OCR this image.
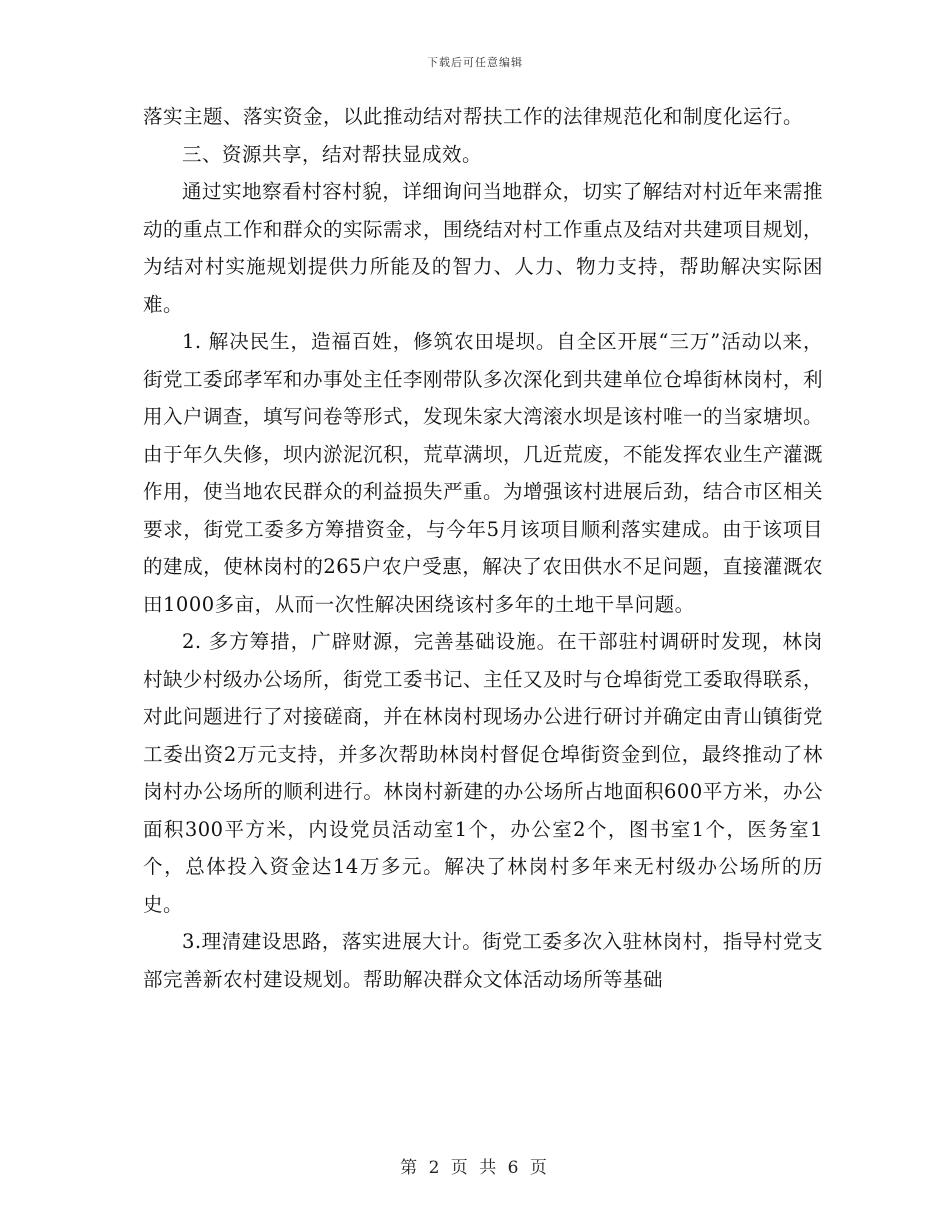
下载后可任意编辑

落实主题、落实资金，以此推动结对帮扶工作的法律规范化和制度化运行。

三、资源共享，结对帮扶显成效。

通过实地察看村容村貌，详细询问当地群众，切实了解结对村近年来需推动的重点工作和群众的实际需求，围绕结对村工作重点及结对共建项目规划，为结对村实施规划提供力所能及的智力、人力、物力支持，帮助解决实际困难。

1. 解决民生，造福百姓，修筑农田堤坝。自全区开展“三万”活动以来，街党工委邱孝军和办事处主任李刚带队多次深化到共建单位仓埠街林岗村，利用入户调查，填写问卷等形式，发现朱家大湾滚水坝是该村唯一的当家塘坝。由于年久失修，坝内淤泥沉积，荒草满坝，几近荒废，不能发挥农业生产灌溉作用，使当地农民群众的利益损失严重。为增强该村进展后劲，结合市区相关要求，街党工委多方筹措资金，与今年5月该项目顺利落实建成。由于该项目的建成，使林岗村的265户农户受惠，解决了农田供水不足问题，直接灌溉农田1000多亩，从而一次性解决困绕该村多年的土地干旱问题。

2. 多方筹措，广辟财源，完善基础设施。在干部驻村调研时发现，林岗村缺少村级办公场所，街党工委书记、主任又及时与仓埠街党工委取得联系，对此问题进行了对接磋商，并在林岗村现场办公进行研讨并确定由青山镇街党工委出资2万元支持，并多次帮助林岗村督促仓埠街资金到位，最终推动了林岗村办公场所的顺利进行。林岗村新建的办公场所占地面积600平方米，办公面积300平方米，内设党员活动室1个，办公室2个，图书室1个，医务室1个，总体投入资金达14万多元。解决了林岗村多年来无村级办公场所的历史。

3.理清建设思路，落实进展大计。街党工委多次入驻林岗村，指导村党支部完善新农村建设规划。帮助解决群众文体活动场所等基础

第 2 页 共 6 页
